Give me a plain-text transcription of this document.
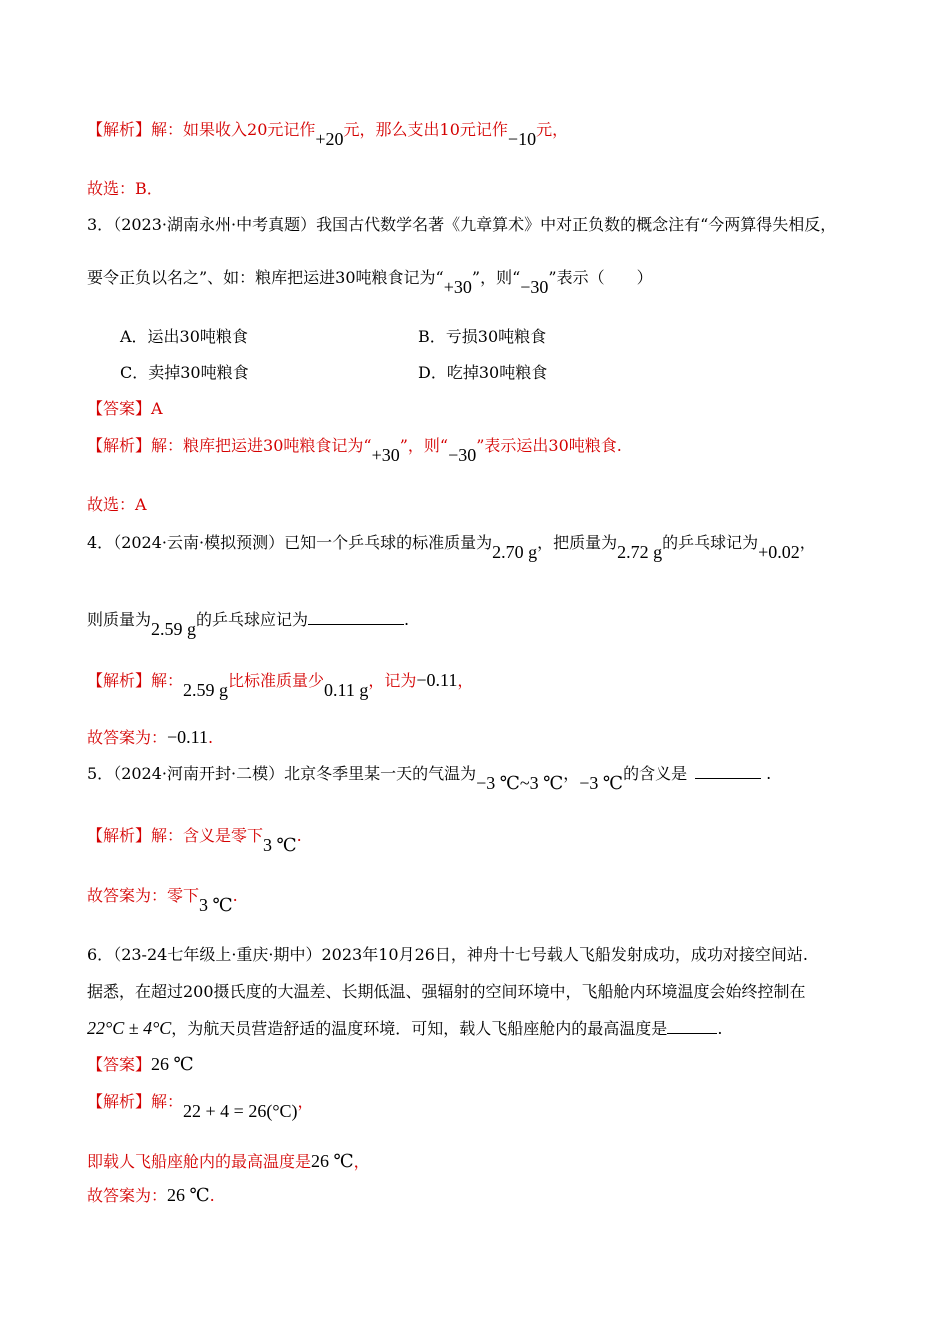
【解析】解：如果收入20元记作+20元，那么支出10元记作−10元，
故选：B．
3．（2023·湖南永州·中考真题）我国古代数学名著《九章算术》中对正负数的概念注有“今两算得失相反，
要令正负以名之”、如：粮库把运进30吨粮食记为“+30”，则“−30”表示（　　）
A．运出30吨粮食	B．亏损30吨粮食
C．卖掉30吨粮食	D．吃掉30吨粮食
【答案】A
【解析】解：粮库把运进30吨粮食记为“+30”，则“−30”表示运出30吨粮食.
故选：A
4．（2024·云南·模拟预测）已知一个乒乓球的标准质量为2.70 g，把质量为2.72 g的乒乓球记为+0.02，
则质量为2.59 g的乒乓球应记为	.
【解析】解：2.59 g比标准质量少0.11 g，记为−0.11，
故答案为：−0.11.
5．（2024·河南开封·二模）北京冬季里某一天的气温为−3 ℃~3 ℃，−3 ℃的含义是	.
【解析】解：含义是零下3 ℃.
故答案为：零下3 ℃.
6．（23-24七年级上·重庆·期中）2023年10月26日，神舟十七号载人飞船发射成功，成功对接空间站.
据悉，在超过200摄氏度的大温差、长期低温、强辐射的空间环境中，飞船舱内环境温度会始终控制在
22°C ± 4°C，为航天员营造舒适的温度环境．可知，载人飞船座舱内的最高温度是	.
【答案】26 ℃
【解析】解：22 + 4 = 26(°C)，
即载人飞船座舱内的最高温度是26 ℃，
故答案为：26 ℃.
